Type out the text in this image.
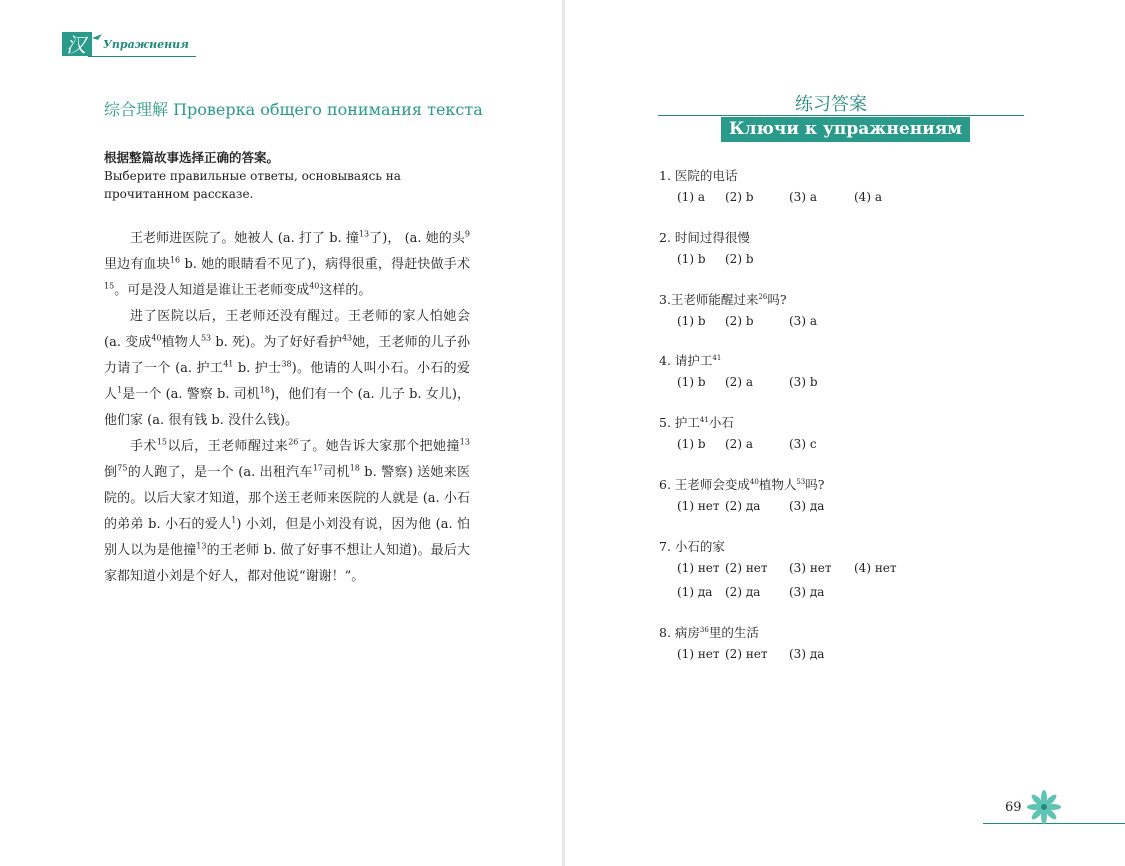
汉 Упражнения
综合理解 Проверка общего понимания текста
根据整篇故事选择正确的答案。
Выберите правильные ответы, основываясь на прочитанном рассказе.

王老师进医院了。她被人 (a. 打了 b. 撞$^{13}$了)， (a. 她的头$^9$里边有血块$^{16}$ b. 她的眼睛看不见了)，病得很重，得赶快做手术$^{15}$。可是没人知道是谁让王老师变成$^{40}$这样的。

进了医院以后，王老师还没有醒过。王老师的家人怕她会 (a. 变成$^{40}$植物人$^{53}$ b. 死)。为了好好看护$^{43}$她，王老师的儿子孙力请了一个 (a. 护工$^{41}$ b. 护士$^{38}$)。他请的人叫小石。小石的爱人$^1$是一个 (a. 警察 b. 司机$^{18}$)，他们有一个 (a. 儿子 b. 女儿)，他们家 (a. 很有钱 b. 没什么钱)。

手术$^{15}$以后，王老师醒过来$^{26}$了。她告诉大家那个把她撞$^{13}$倒$^{75}$的人跑了，是一个 (a. 出租汽车$^{17}$司机$^{18}$ b. 警察) 送她来医院的。以后大家才知道，那个送王老师来医院的人就是 (a. 小石的弟弟 b. 小石的爱人$^1$) 小刘，但是小刘没有说，因为他 (a. 怕别人以为是他撞$^{13}$的王老师 b. 做了好事不想让人知道)。最后大家都知道小刘是个好人，都对他说“谢谢！”。

练习答案
Ключи к упражнениям
1. 医院的电话
(1) a (2) b	(3) a	(4) a
2. 时间过得很慢
(1) b (2) b
3.王老师能醒过来$^{26}$吗?
(1) b (2) b	(3) a
4. 请护工$^{41}$
(1) b (2) a	(3) b
5. 护工$^{41}$小石
(1) b (2) a	(3) c
6. 王老师会变成$^{40}$植物人$^{53}$吗?
(1) нет (2) да (3) да
7. 小石的家
(1) нет (2) нет (3) нет (4) нет
(1) да (2) да (3) да
8. 病房$^{36}$里的生活
(1) нет (2) нет (3) да
69
